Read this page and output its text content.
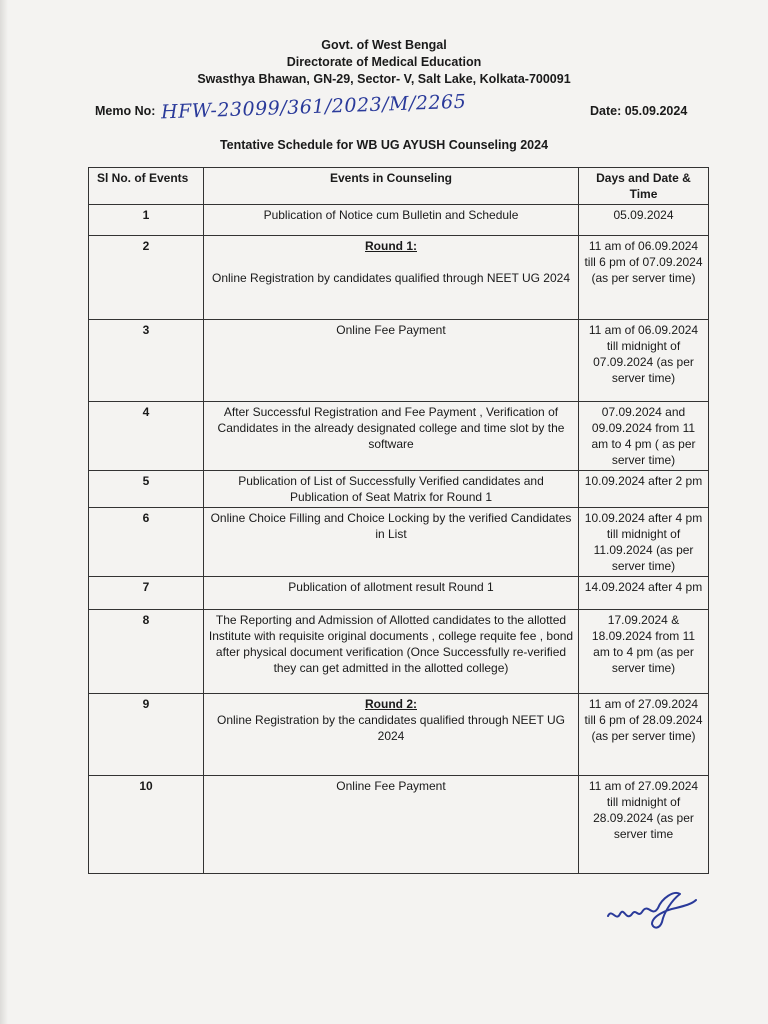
Govt. of West Bengal
Directorate of Medical Education
Swasthya Bhawan, GN-29, Sector- V, Salt Lake, Kolkata-700091
Memo No: HFW-23099/361/2023/M/2265	Date: 05.09.2024
Tentative Schedule for WB UG AYUSH Counseling 2024
Sl No. of Events	Events in Counseling	Days and Date & Time
1	Publication of Notice cum Bulletin and Schedule	05.09.2024
2	Round 1:
Online Registration by candidates qualified through NEET UG 2024	11 am of 06.09.2024 till 6 pm of 07.09.2024 (as per server time)
3	Online Fee Payment	11 am of 06.09.2024 till midnight of 07.09.2024 (as per server time)
4	After Successful Registration and Fee Payment , Verification of Candidates in the already designated college and time slot by the software	07.09.2024 and 09.09.2024 from 11 am to 4 pm ( as per server time)
5	Publication of List of Successfully Verified candidates and Publication of Seat Matrix for Round 1	10.09.2024 after 2 pm
6	Online Choice Filling and Choice Locking by the verified Candidates in List	10.09.2024 after 4 pm till midnight of 11.09.2024 (as per server time)
7	Publication of allotment result Round 1	14.09.2024 after 4 pm
8	The Reporting and Admission of Allotted candidates to the allotted Institute with requisite original documents , college requite fee , bond after physical document verification (Once Successfully re-verified they can get admitted in the allotted college)	17.09.2024 & 18.09.2024 from 11 am to 4 pm (as per server time)
9	Round 2:
Online Registration by the candidates qualified through NEET UG 2024	11 am of 27.09.2024 till 6 pm of 28.09.2024 (as per server time)
10	Online Fee Payment	11 am of 27.09.2024 till midnight of 28.09.2024 (as per server time
